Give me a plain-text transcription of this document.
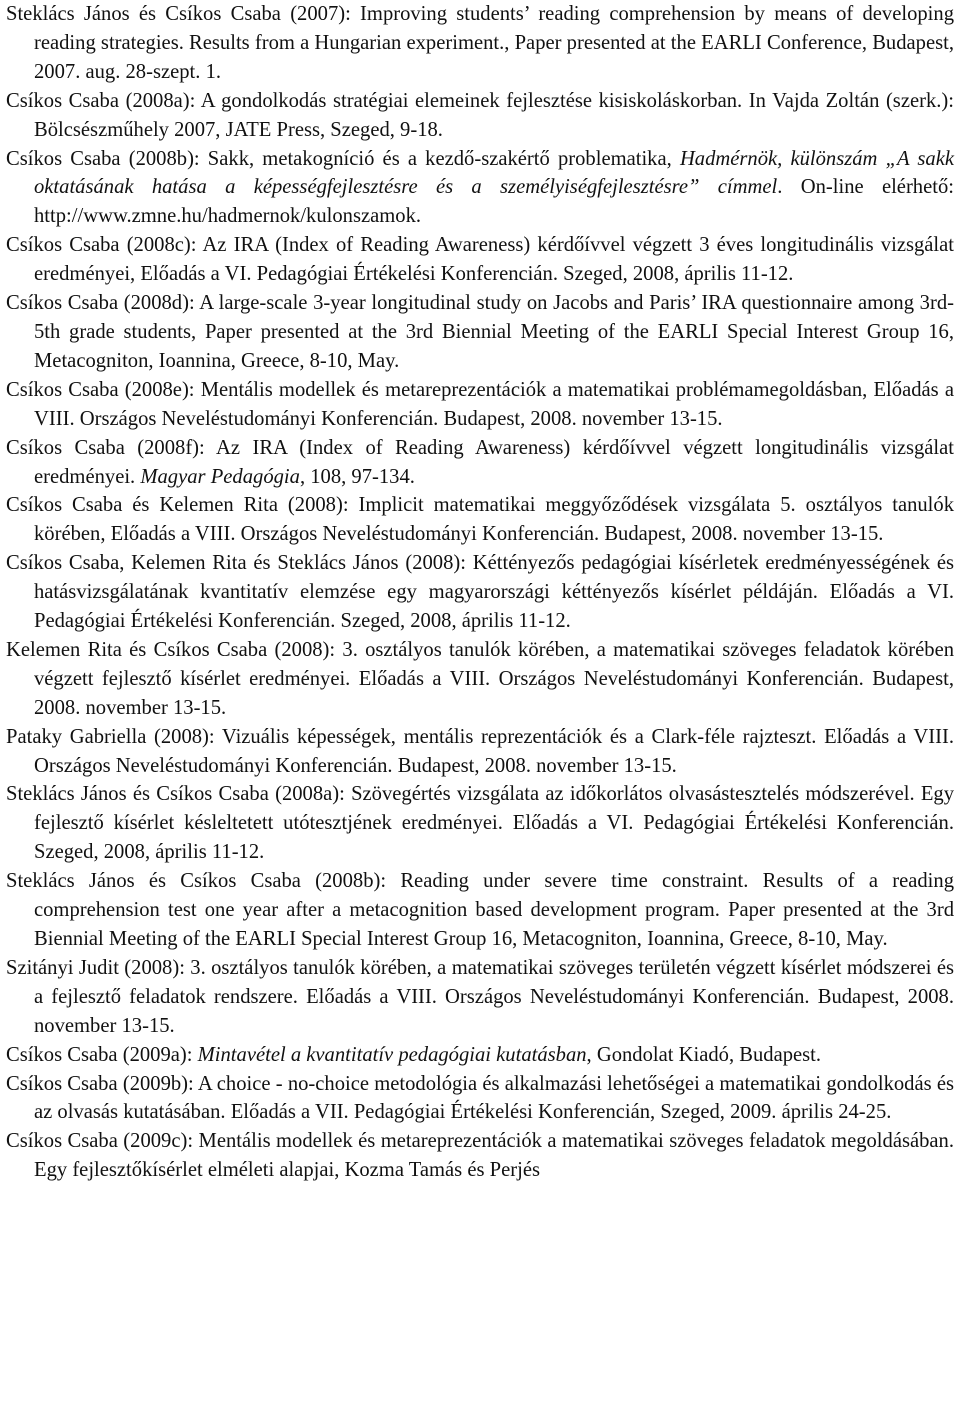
Steklács János és Csíkos Csaba (2007): Improving students’ reading comprehension by means of developing reading strategies. Results from a Hungarian experiment., Paper presented at the EARLI Conference, Budapest, 2007. aug. 28-szept. 1.

Csíkos Csaba (2008a): A gondolkodás stratégiai elemeinek fejlesztése kisiskoláskorban. In Vajda Zoltán (szerk.): Bölcsészműhely 2007, JATE Press, Szeged, 9-18.

Csíkos Csaba (2008b): Sakk, metakogníció és a kezdő-szakértő problematika, Hadmérnök, különszám „A sakk oktatásának hatása a képességfejlesztésre és a személyiségfejlesztésre” címmel. On-line elérhető: http://www.zmne.hu/hadmernok/kulonszamok.

Csíkos Csaba (2008c): Az IRA (Index of Reading Awareness) kérdőívvel végzett 3 éves longitudinális vizsgálat eredményei, Előadás a VI. Pedagógiai Értékelési Konferencián. Szeged, 2008, április 11-12.

Csíkos Csaba (2008d): A large-scale 3-year longitudinal study on Jacobs and Paris’ IRA questionnaire among 3rd-5th grade students, Paper presented at the 3rd Biennial Meeting of the EARLI Special Interest Group 16, Metacogniton, Ioannina, Greece, 8-10, May.

Csíkos Csaba (2008e): Mentális modellek és metareprezentációk a matematikai problémamegoldásban, Előadás a VIII. Országos Neveléstudományi Konferencián. Budapest, 2008. november 13-15.

Csíkos Csaba (2008f): Az IRA (Index of Reading Awareness) kérdőívvel végzett longitudinális vizsgálat eredményei. Magyar Pedagógia, 108, 97-134.

Csíkos Csaba és Kelemen Rita (2008): Implicit matematikai meggyőződések vizsgálata 5. osztályos tanulók körében, Előadás a VIII. Országos Neveléstudományi Konferencián. Budapest, 2008. november 13-15.

Csíkos Csaba, Kelemen Rita és Steklács János (2008): Kéttényezős pedagógiai kísérletek eredményességének és hatásvizsgálatának kvantitatív elemzése egy magyarországi kéttényezős kísérlet példáján. Előadás a VI. Pedagógiai Értékelési Konferencián. Szeged, 2008, április 11-12.

Kelemen Rita és Csíkos Csaba (2008): 3. osztályos tanulók körében, a matematikai szöveges feladatok körében végzett fejlesztő kísérlet eredményei. Előadás a VIII. Országos Neveléstudományi Konferencián. Budapest, 2008. november 13-15.

Pataky Gabriella (2008): Vizuális képességek, mentális reprezentációk és a Clark-féle rajzteszt. Előadás a VIII. Országos Neveléstudományi Konferencián. Budapest, 2008. november 13-15.

Steklács János és Csíkos Csaba (2008a): Szövegértés vizsgálata az időkorlátos olvasástesztelés módszerével. Egy fejlesztő kísérlet késleltetett utótesztjének eredményei. Előadás a VI. Pedagógiai Értékelési Konferencián. Szeged, 2008, április 11-12.

Steklács János és Csíkos Csaba (2008b): Reading under severe time constraint. Results of a reading comprehension test one year after a metacognition based development program. Paper presented at the 3rd Biennial Meeting of the EARLI Special Interest Group 16, Metacogniton, Ioannina, Greece, 8-10, May.

Szitányi Judit (2008): 3. osztályos tanulók körében, a matematikai szöveges területén végzett kísérlet módszerei és a fejlesztő feladatok rendszere. Előadás a VIII. Országos Neveléstudományi Konferencián. Budapest, 2008. november 13-15.

Csíkos Csaba (2009a): Mintavétel a kvantitatív pedagógiai kutatásban, Gondolat Kiadó, Budapest.

Csíkos Csaba (2009b): A choice - no-choice metodológia és alkalmazási lehetőségei a matematikai gondolkodás és az olvasás kutatásában. Előadás a VII. Pedagógiai Értékelési Konferencián, Szeged, 2009. április 24-25.

Csíkos Csaba (2009c): Mentális modellek és metareprezentációk a matematikai szöveges feladatok megoldásában. Egy fejlesztőkísérlet elméleti alapjai, Kozma Tamás és Perjés
